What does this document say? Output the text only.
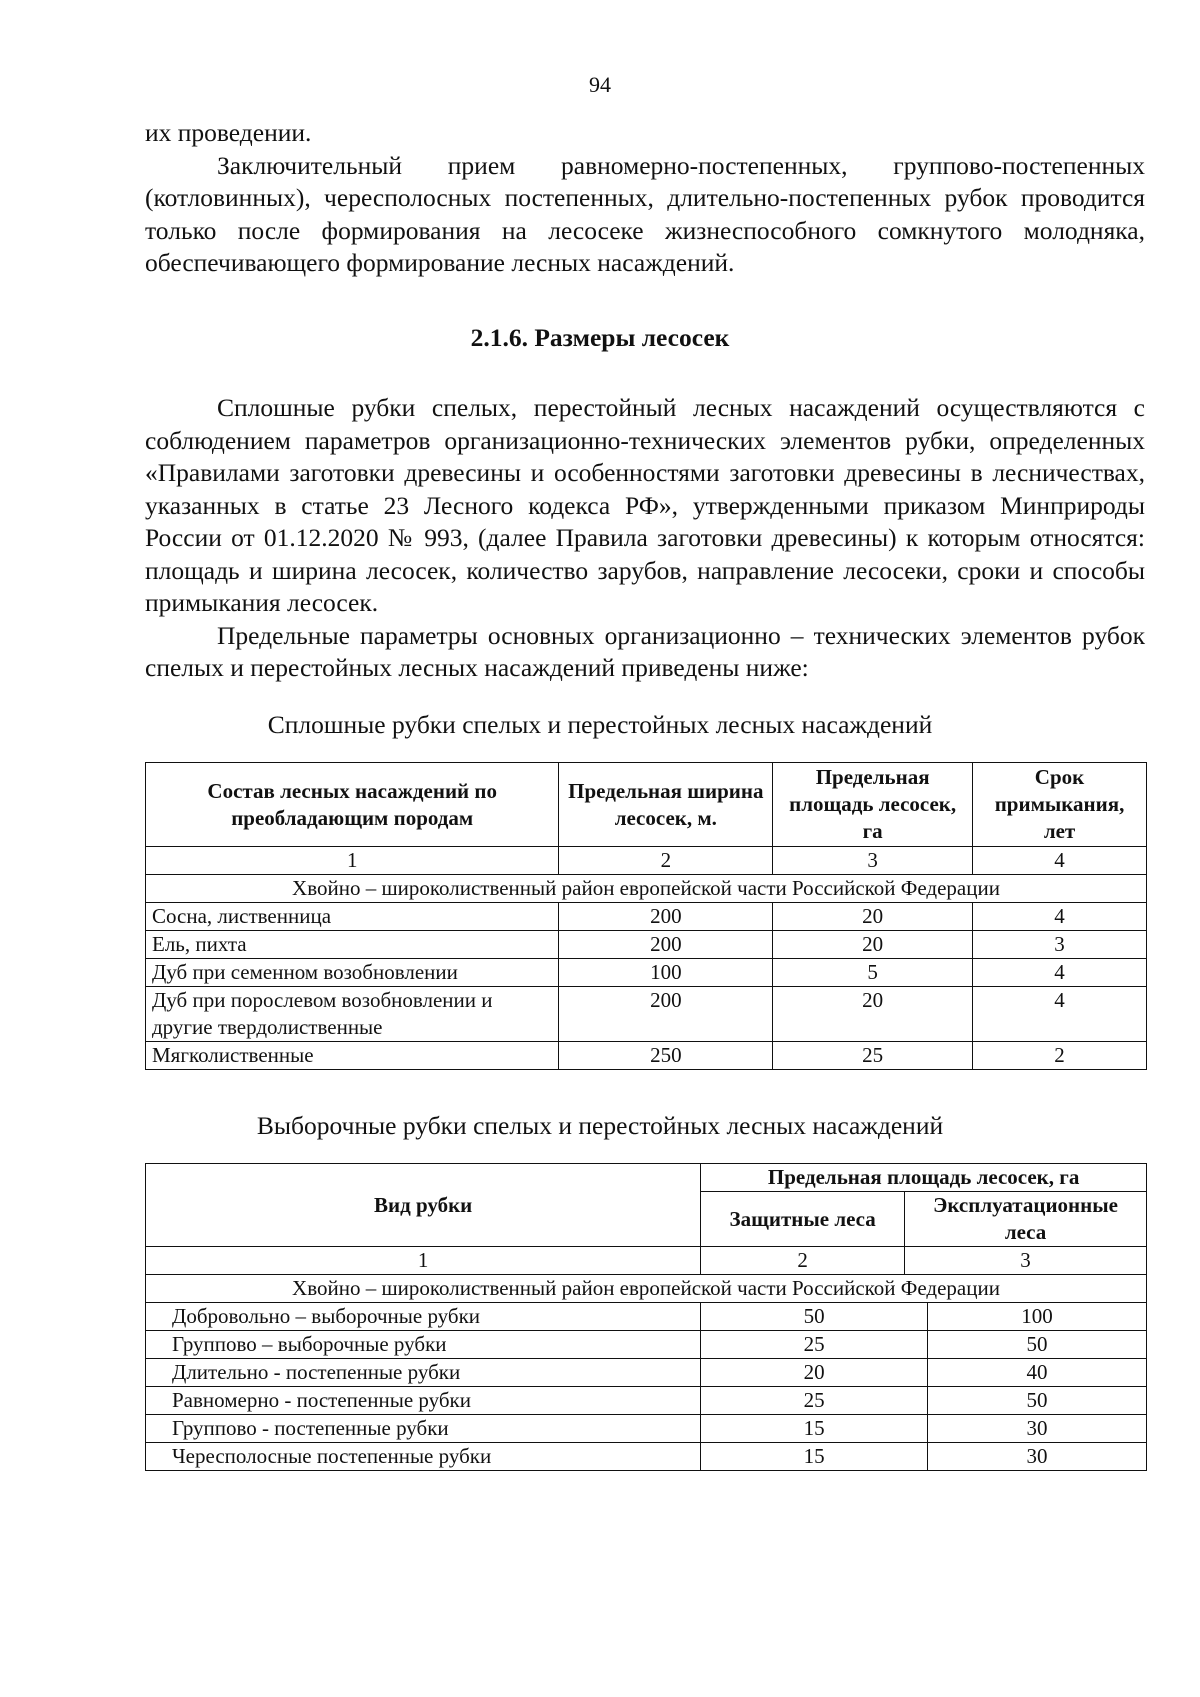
94

их проведении.

Заключительный прием равномерно-постепенных, группово-постепенных (котловинных), чересполосных постепенных, длительно-постепенных рубок проводится только после формирования на лесосеке жизнеспособного сомкнутого молодняка, обеспечивающего формирование лесных насаждений.

2.1.6. Размеры лесосек

Сплошные рубки спелых, перестойный лесных насаждений осуществляются с соблюдением параметров организационно-технических элементов рубки, определенных «Правилами заготовки древесины и особенностями заготовки древесины в лесничествах, указанных в статье 23 Лесного кодекса РФ», утвержденными приказом Минприроды России от 01.12.2020 № 993, (далее Правила заготовки древесины) к которым относятся: площадь и ширина лесосек, количество зарубов, направление лесосеки, сроки и способы примыкания лесосек.

Предельные параметры основных организационно – технических элементов рубок спелых и перестойных лесных насаждений приведены ниже:

Сплошные рубки спелых и перестойных лесных насаждений
Состав лесных насаждений по преобладающим породам	Предельная ширина лесосек, м.	Предельная площадь лесосек, га	Срок примыкания, лет
1	2	3	4
Хвойно – широколиственный район европейской части Российской Федерации			
Сосна, лиственница	200	20	4
Ель, пихта	200	20	3
Дуб при семенном возобновлении	100	5	4
Дуб при порослевом возобновлении и другие твердолиственные	200	20	4
Мягколиственные	250	25	2
Выборочные рубки спелых и перестойных лесных насаждений
Вид рубки	Предельная площадь лесосек, га		
	Защитные леса	Эксплуатационные леса	
1	2	3	
Хвойно – широколиственный район европейской части Российской Федерации			
Добровольно – выборочные рубки	50		100
Группово – выборочные рубки	25		50
Длительно - постепенные рубки	20		40
Равномерно - постепенные рубки	25		50
Группово - постепенные рубки	15		30
Чересполосные постепенные рубки	15		30
